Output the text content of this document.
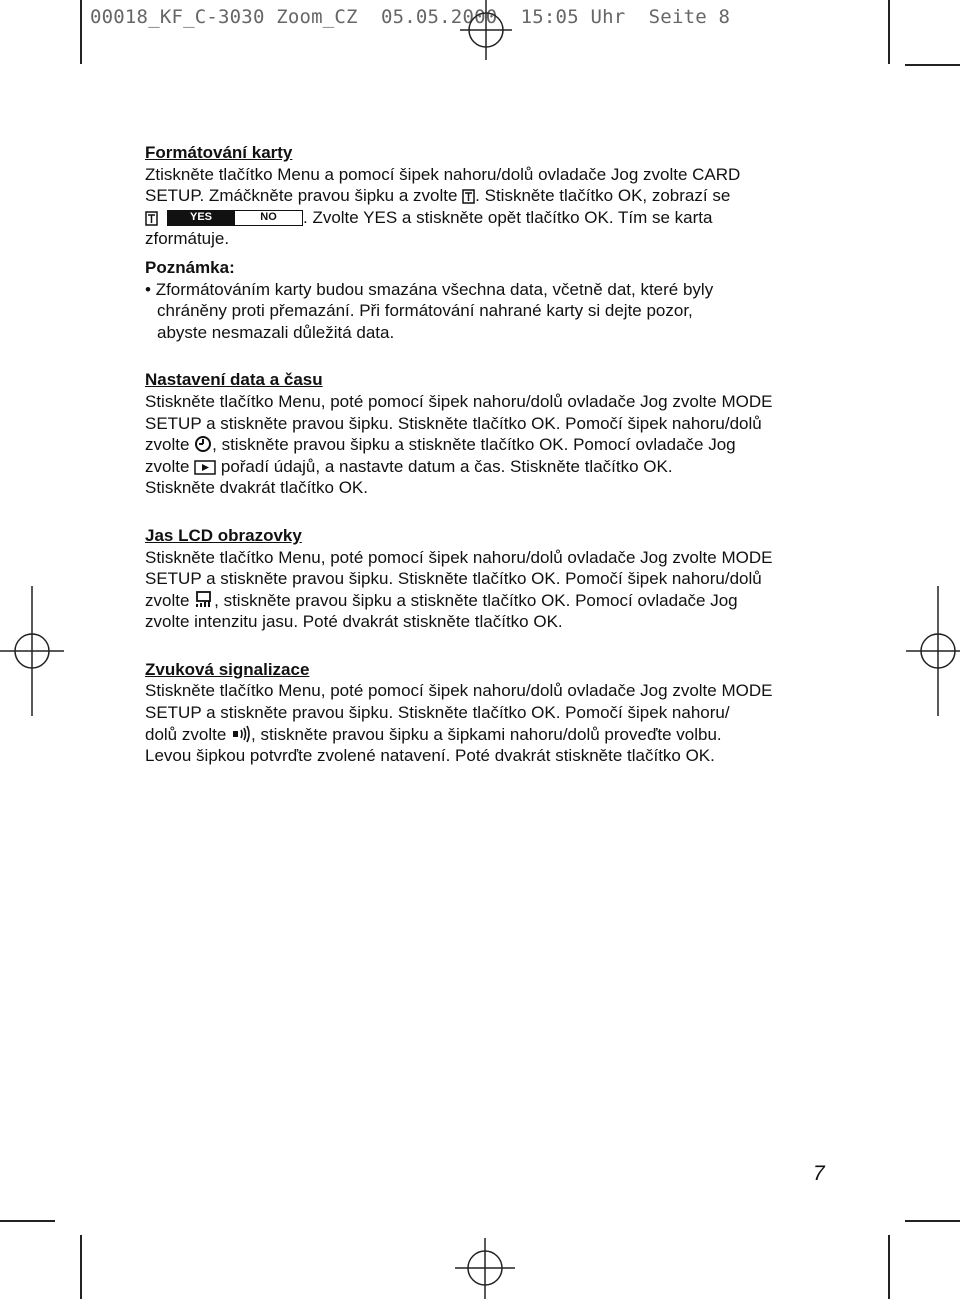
00018_KF_C-3030 Zoom_CZ  05.05.2000  15:05 Uhr  Seite 8

Formátování karty

Ztiskněte tlačítko Menu a pomocí šipek nahoru/dolů ovladače Jog zvolte CARD

SETUP. Zmáčkněte pravou šipku a zvolte . Stiskněte tlačítko OK, zobrazí se

YES	NO	. Zvolte YES a stiskněte opět tlačítko OK. Tím se karta

zformátuje.

Poznámka:

• Zformátováním karty budou smazána všechna data, včetně dat, které byly
chráněny proti přemazání. Při formátování nahrané karty si dejte pozor,
abyste nesmazali důležitá data.

Nastavení data a času

Stiskněte tlačítko Menu, poté pomocí šipek nahoru/dolů ovladače Jog zvolte MODE

SETUP a stiskněte pravou šipku. Stiskněte tlačítko OK. Pomočí šipek nahoru/dolů

zvolte , stiskněte pravou šipku a stiskněte tlačítko OK. Pomocí ovladače Jog

zvolte  pořadí údajů, a nastavte datum a čas. Stiskněte tlačítko OK.

Stiskněte dvakrát tlačítko OK.

Jas LCD obrazovky

Stiskněte tlačítko Menu, poté pomocí šipek nahoru/dolů ovladače Jog zvolte MODE

SETUP a stiskněte pravou šipku. Stiskněte tlačítko OK. Pomočí šipek nahoru/dolů

zvolte , stiskněte pravou šipku a stiskněte tlačítko OK. Pomocí ovladače Jog

zvolte intenzitu jasu. Poté dvakrát stiskněte tlačítko OK.

Zvuková signalizace

Stiskněte tlačítko Menu, poté pomocí šipek nahoru/dolů ovladače Jog zvolte MODE

SETUP a stiskněte pravou šipku. Stiskněte tlačítko OK. Pomočí šipek nahoru/

dolů zvolte , stiskněte pravou šipku a šipkami nahoru/dolů proveďte volbu.

Levou šipkou potvrďte zvolené natavení. Poté dvakrát stiskněte tlačítko OK.

7
